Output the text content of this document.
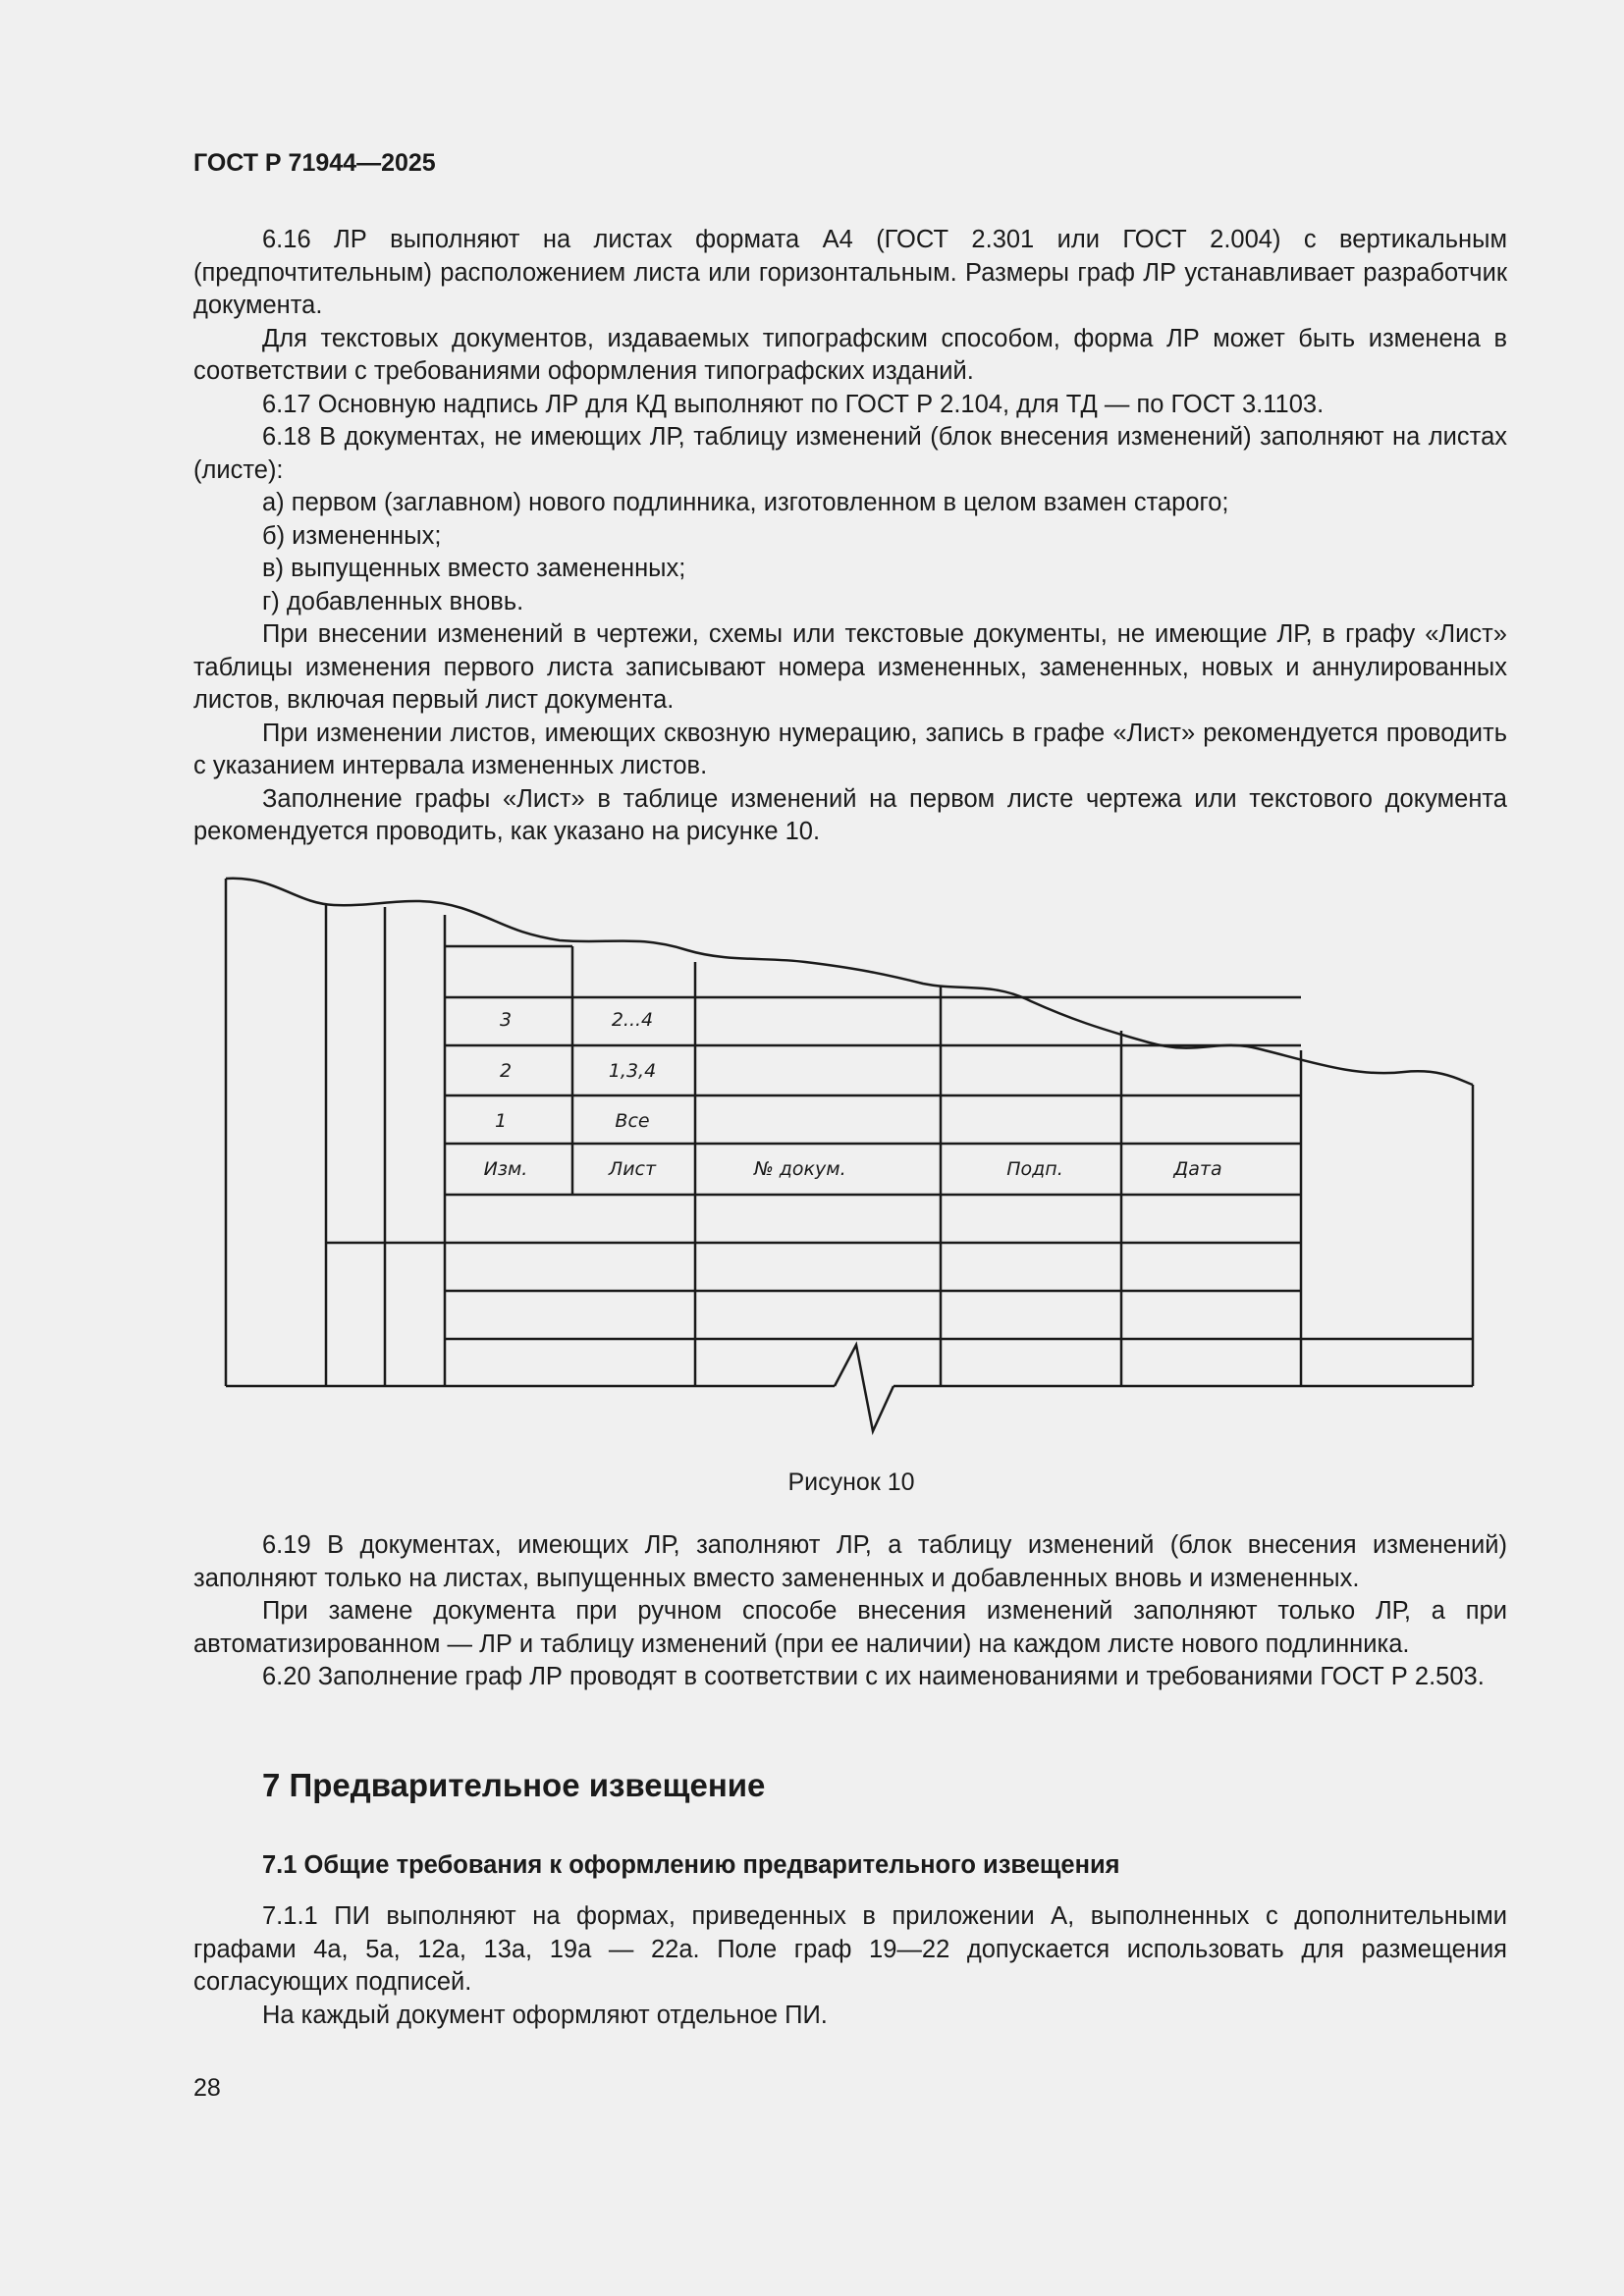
ГОСТ Р 71944—2025

6.16 ЛР выполняют на листах формата А4 (ГОСТ 2.301 или ГОСТ 2.004) с вертикальным (предпочтительным) расположением листа или горизонтальным. Размеры граф ЛР устанавливает разработчик документа.

Для текстовых документов, издаваемых типографским способом, форма ЛР может быть изменена в соответствии с требованиями оформления типографских изданий.

6.17 Основную надпись ЛР для КД выполняют по ГОСТ Р 2.104, для ТД — по ГОСТ 3.1103.

6.18 В документах, не имеющих ЛР, таблицу изменений (блок внесения изменений) заполняют на листах (листе):

а) первом (заглавном) нового подлинника, изготовленном в целом взамен старого;

б) измененных;

в) выпущенных вместо замененных;

г) добавленных вновь.

При внесении изменений в чертежи, схемы или текстовые документы, не имеющие ЛР, в графу «Лист» таблицы изменения первого листа записывают номера измененных, замененных, новых и аннулированных листов, включая первый лист документа.

При изменении листов, имеющих сквозную нумерацию, запись в графе «Лист» рекомендуется проводить с указанием интервала измененных листов.

Заполнение графы «Лист» в таблице изменений на первом листе чертежа или текстового документа рекомендуется проводить, как указано на рисунке 10.

3	2...4
2	1,3,4
1	Все
Изм.	Лист	№ докум.	Подп.	Дата
Рисунок 10

6.19 В документах, имеющих ЛР, заполняют ЛР, а таблицу изменений (блок внесения изменений) заполняют только на листах, выпущенных вместо замененных и добавленных вновь и измененных.

При замене документа при ручном способе внесения изменений заполняют только ЛР, а при автоматизированном — ЛР и таблицу изменений (при ее наличии) на каждом листе нового подлинника.

6.20 Заполнение граф ЛР проводят в соответствии с их наименованиями и требованиями ГОСТ Р 2.503.

7 Предварительное извещение
7.1 Общие требования к оформлению предварительного извещения

7.1.1 ПИ выполняют на формах, приведенных в приложении А, выполненных с дополнительными графами 4а, 5а, 12а, 13а, 19а — 22а. Поле граф 19—22 допускается использовать для размещения согласующих подписей.

На каждый документ оформляют отдельное ПИ.

28
